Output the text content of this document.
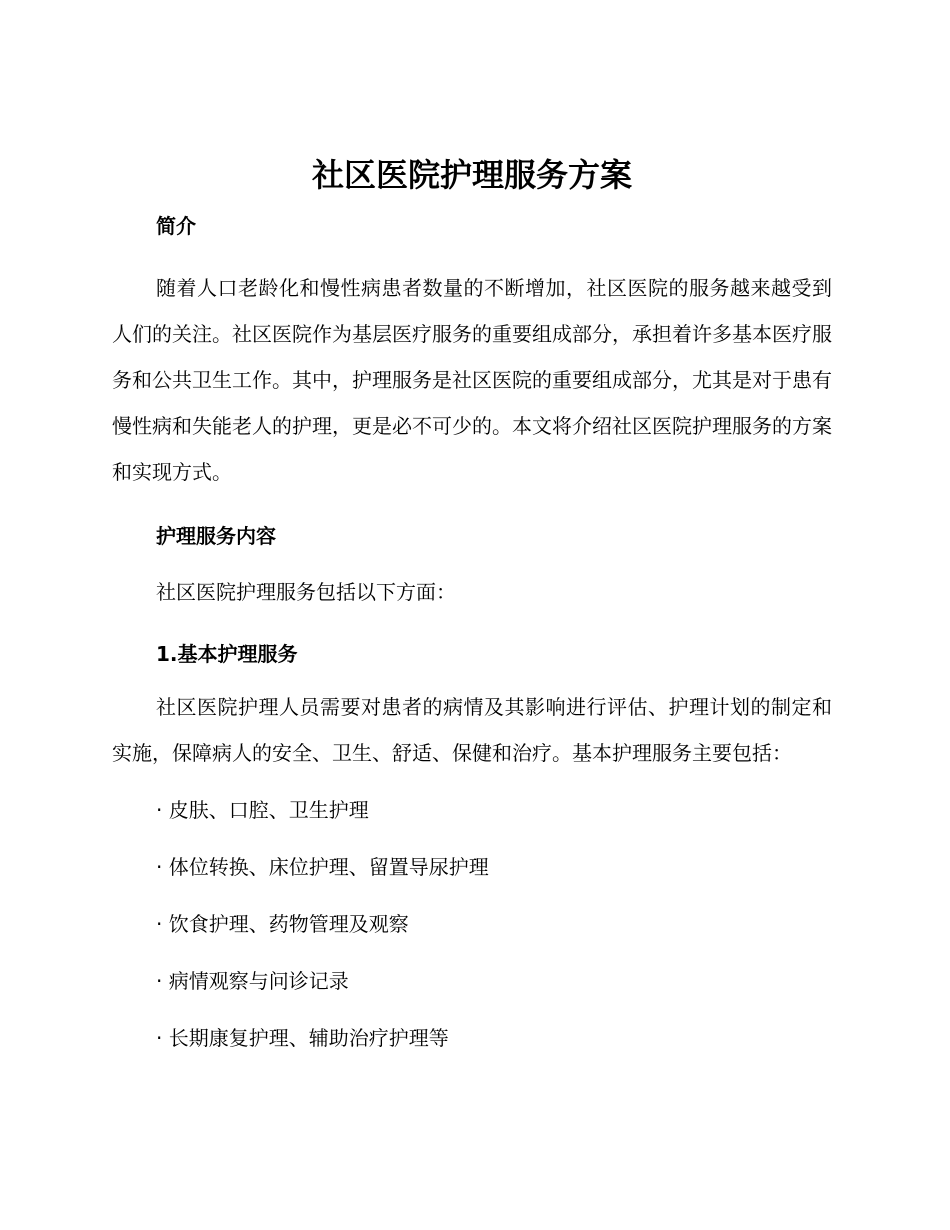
社区医院护理服务方案
简介

随着人口老龄化和慢性病患者数量的不断增加，社区医院的服务越来越受到人们的关注。社区医院作为基层医疗服务的重要组成部分，承担着许多基本医疗服务和公共卫生工作。其中，护理服务是社区医院的重要组成部分，尤其是对于患有慢性病和失能老人的护理，更是必不可少的。本文将介绍社区医院护理服务的方案和实现方式。

护理服务内容

社区医院护理服务包括以下方面：

1.基本护理服务

社区医院护理人员需要对患者的病情及其影响进行评估、护理计划的制定和实施，保障病人的安全、卫生、舒适、保健和治疗。基本护理服务主要包括：

· 皮肤、口腔、卫生护理

· 体位转换、床位护理、留置导尿护理

· 饮食护理、药物管理及观察

· 病情观察与问诊记录

· 长期康复护理、辅助治疗护理等
